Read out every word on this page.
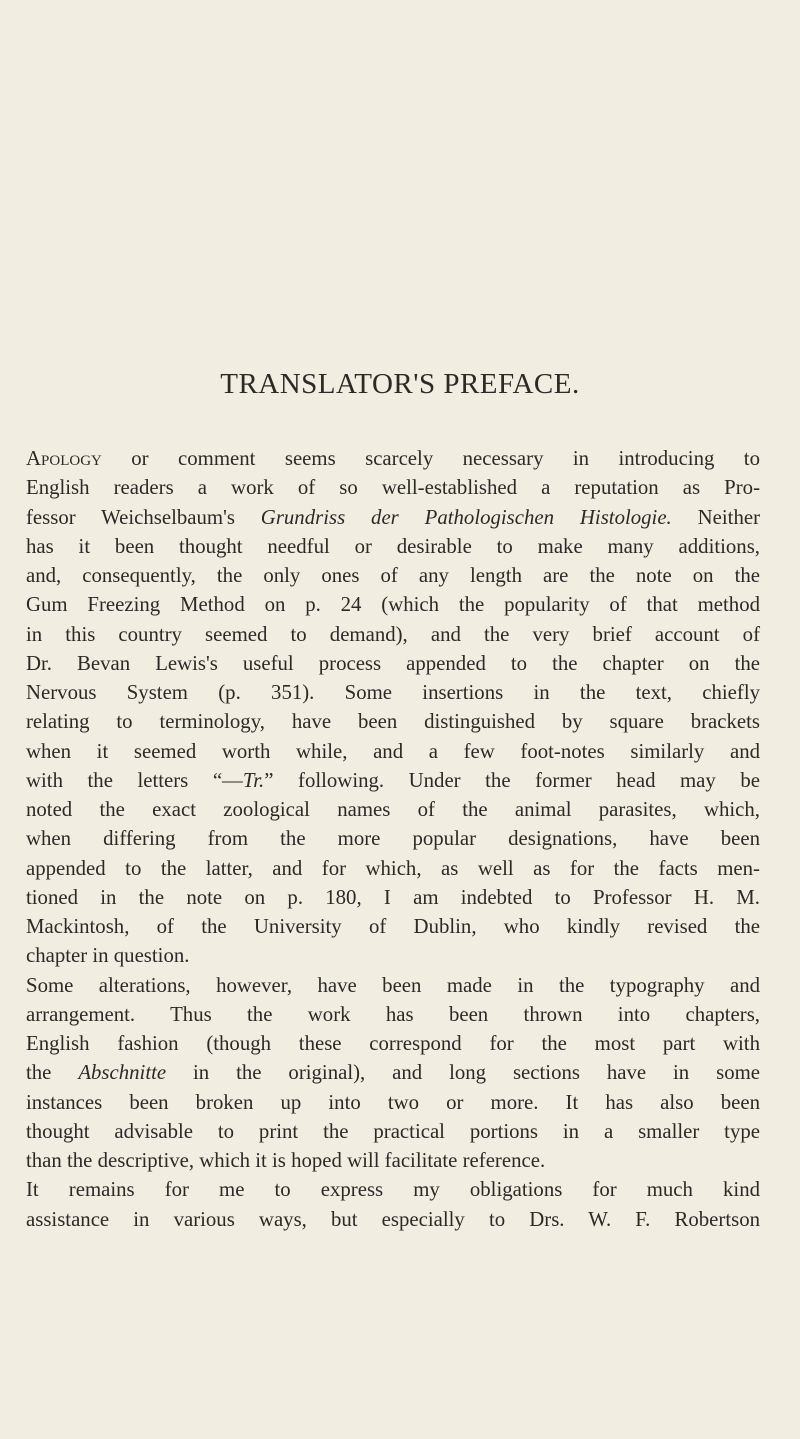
TRANSLATOR'S PREFACE.
Apology or comment seems scarcely necessary in introducing to
English readers a work of so well-established a reputation as Pro-
fessor Weichselbaum's Grundriss der Pathologischen Histologie. Neither
has it been thought needful or desirable to make many additions,
and, consequently, the only ones of any length are the note on the
Gum Freezing Method on p. 24 (which the popularity of that method
in this country seemed to demand), and the very brief account of
Dr. Bevan Lewis's useful process appended to the chapter on the
Nervous System (p. 351). Some insertions in the text, chiefly
relating to terminology, have been distinguished by square brackets
when it seemed worth while, and a few foot-notes similarly and
with the letters “—Tr.” following. Under the former head may be
noted the exact zoological names of the animal parasites, which,
when differing from the more popular designations, have been
appended to the latter, and for which, as well as for the facts men-
tioned in the note on p. 180, I am indebted to Professor H. M.
Mackintosh, of the University of Dublin, who kindly revised the
chapter in question.
Some alterations, however, have been made in the typography and
arrangement. Thus the work has been thrown into chapters,
English fashion (though these correspond for the most part with
the Abschnitte in the original), and long sections have in some
instances been broken up into two or more. It has also been
thought advisable to print the practical portions in a smaller type
than the descriptive, which it is hoped will facilitate reference.
It remains for me to express my obligations for much kind
assistance in various ways, but especially to Drs. W. F. Robertson
